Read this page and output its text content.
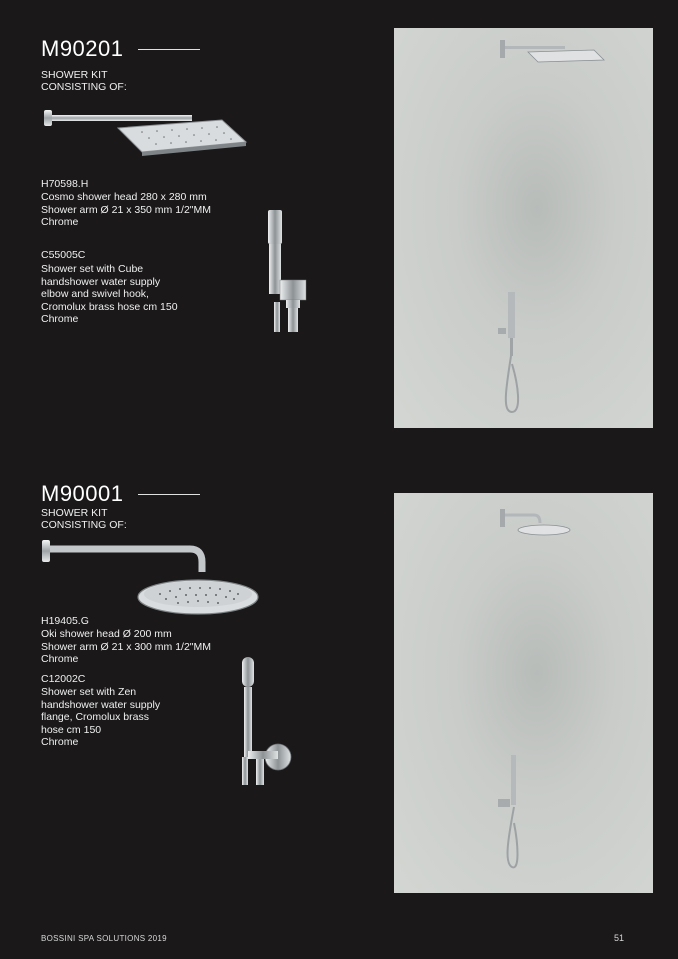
M90201
SHOWER KIT
CONSISTING OF:
H70598.H
Cosmo shower head 280 x 280 mm
Shower arm Ø 21 x 350 mm 1/2"MM
Chrome
C55005C
Shower set with Cube
handshower water supply
elbow and swivel hook,
Cromolux brass hose cm 150
Chrome
M90001
SHOWER KIT
CONSISTING OF:
H19405.G
Oki shower head Ø 200 mm
Shower arm Ø 21 x 300 mm 1/2"MM
Chrome
C12002C
Shower set with Zen
handshower water supply
flange, Cromolux brass
hose cm 150
Chrome
BOSSINI SPA SOLUTIONS 2019	51
